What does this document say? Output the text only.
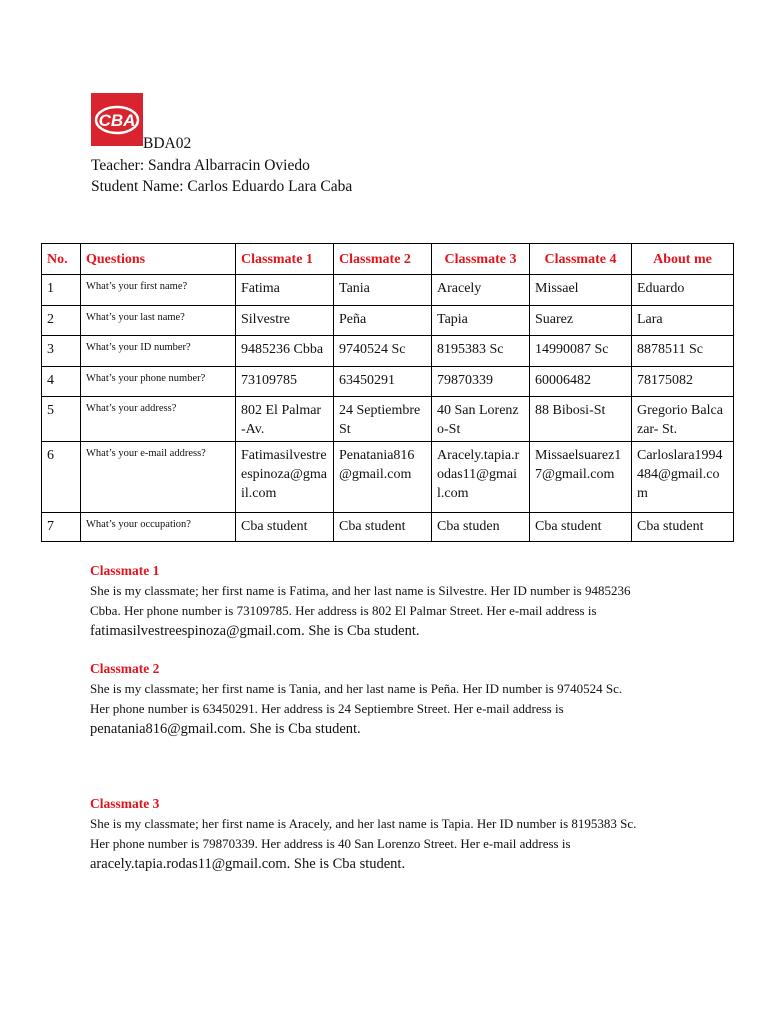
CBA
BDA02
Teacher: Sandra Albarracin Oviedo
Student Name: Carlos Eduardo Lara Caba
No.	Questions	Classmate 1	Classmate 2	Classmate 3	Classmate 4	About me
1	What’s your first name?	Fatima	Tania	Aracely	Missael	Eduardo
2	What’s your last name?	Silvestre	Peña	Tapia	Suarez	Lara
3	What’s your ID number?	9485236 Cbba	9740524 Sc	8195383 Sc	14990087 Sc	8878511 Sc
4	What’s your phone number?	73109785	63450291	79870339	60006482	78175082
5	What’s your address?	802 El Palmar -Av.	24 Septiembre St	40 San Lorenzo-St	88 Bibosi-St	Gregorio Balcazar- St.
6	What’s your e-mail address?	Fatimasilvestreespinoza@gmail.com	Penatania816@gmail.com	Aracely.tapia.rodas11@gmail.com	Missaelsuarez17@gmail.com	Carloslara1994484@gmail.com
7	What’s your occupation?	Cba student	Cba student	Cba studen	Cba student	Cba student
Classmate 1
She is my classmate; her first name is Fatima, and her last name is Silvestre. Her ID number is 9485236
Cbba. Her phone number is 73109785. Her address is 802 El Palmar Street. Her e-mail address is
fatimasilvestreespinoza@gmail.com. She is Cba student.
Classmate 2
She is my classmate; her first name is Tania, and her last name is Peña. Her ID number is 9740524 Sc.
Her phone number is 63450291. Her address is 24 Septiembre Street. Her e-mail address is
penatania816@gmail.com. She is Cba student.
Classmate 3
She is my classmate; her first name is Aracely, and her last name is Tapia. Her ID number is 8195383 Sc.
Her phone number is 79870339. Her address is 40 San Lorenzo Street. Her e-mail address is
aracely.tapia.rodas11@gmail.com. She is Cba student.
